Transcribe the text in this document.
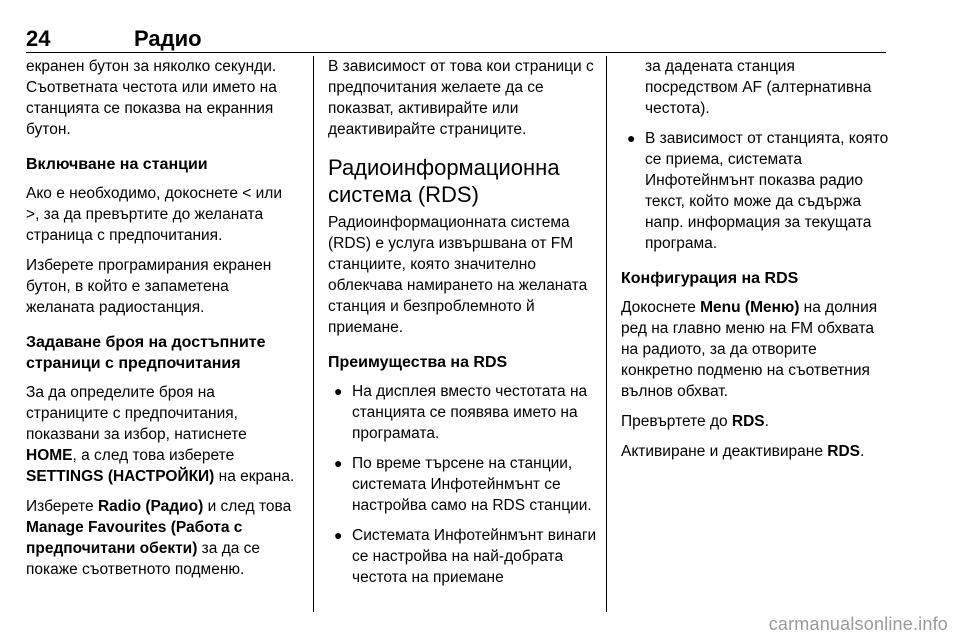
24	Радио

екранен бутон за няколко секунди. Съответната честота или името на станцията се показва на екранния бутон.

Включване на станции

Ако е необходимо, докоснете < или >, за да превъртите до желаната страница с предпочитания.

Изберете програмирания екранен бутон, в който е запаметена желаната радиостанция.

Задаване броя на достъпните страници с предпочитания

За да определите броя на страниците с предпочитания, показвани за избор, натиснете HOME, а след това изберете SETTINGS (НАСТРОЙКИ) на екрана.

Изберете Radio (Радио) и след това Manage Favourites (Работа с предпочитани обекти) за да се покаже съответното подменю.

В зависимост от това кои страници с предпочитания желаете да се показват, активирайте или деактивирайте страниците.

Радиоинформационна система (RDS)

Радиоинформационната система (RDS) е услуга извършвана от FM станциите, която значително облекчава намирането на желаната станция и безпроблемното й приемане.

Преимущества на RDS
● На дисплея вместо честотата на станцията се появява името на програмата.
● По време търсене на станции, системата Инфотейнмънт се настройва само на RDS станции.
● Системата Инфотейнмънт винаги се настройва на най-добрата честота на приемане

за дадената станция посредством AF (алтернативна честота).

● В зависимост от станцията, която се приема, системата Инфотейнмънт показва радио текст, който може да съдържа напр. информация за текущата програма.
Конфигурация на RDS

Докоснете Menu (Меню) на долния ред на главно меню на FM обхвата на радиото, за да отворите конкретно подменю на съответния вълнов обхват.

Превъртете до RDS.

Активиране и деактивиране RDS.

carmanualsonline.info
